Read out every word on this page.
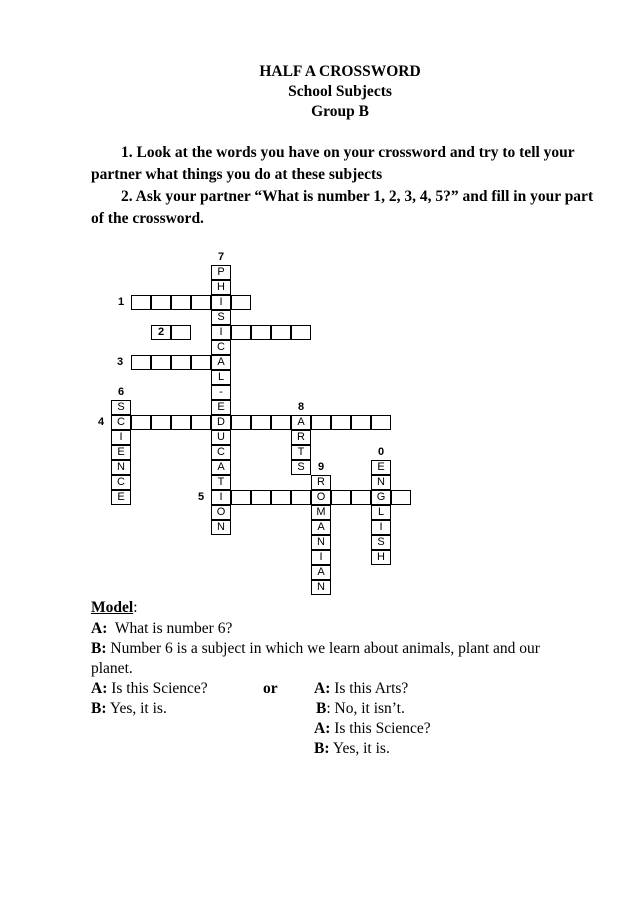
HALF A CROSSWORD
School Subjects
Group B
1. Look at the words you have on your crossword and try to tell your partner what things you do at these subjects
2. Ask your partner “What is number 1, 2, 3, 4, 5?” and fill in your part of the crossword.
P
H
I
S
I
C
A
L
-
E
D
U
C
A
T
I
O
N
S
C
I
E
N
C
E
A
R
T
S
R
O
M
A
N
I
A
N
E
N
G
L
I
S
H
7
1
2
3
6
8
4
0
9
5
Model:
A: What is number 6?
B: Number 6 is a subject in which we learn about animals, plant and our
planet.
A: Is this Science?	or A: Is this Arts?
B: Yes, it is.	B: No, it isn’t.
A: Is this Science?
B: Yes, it is.
